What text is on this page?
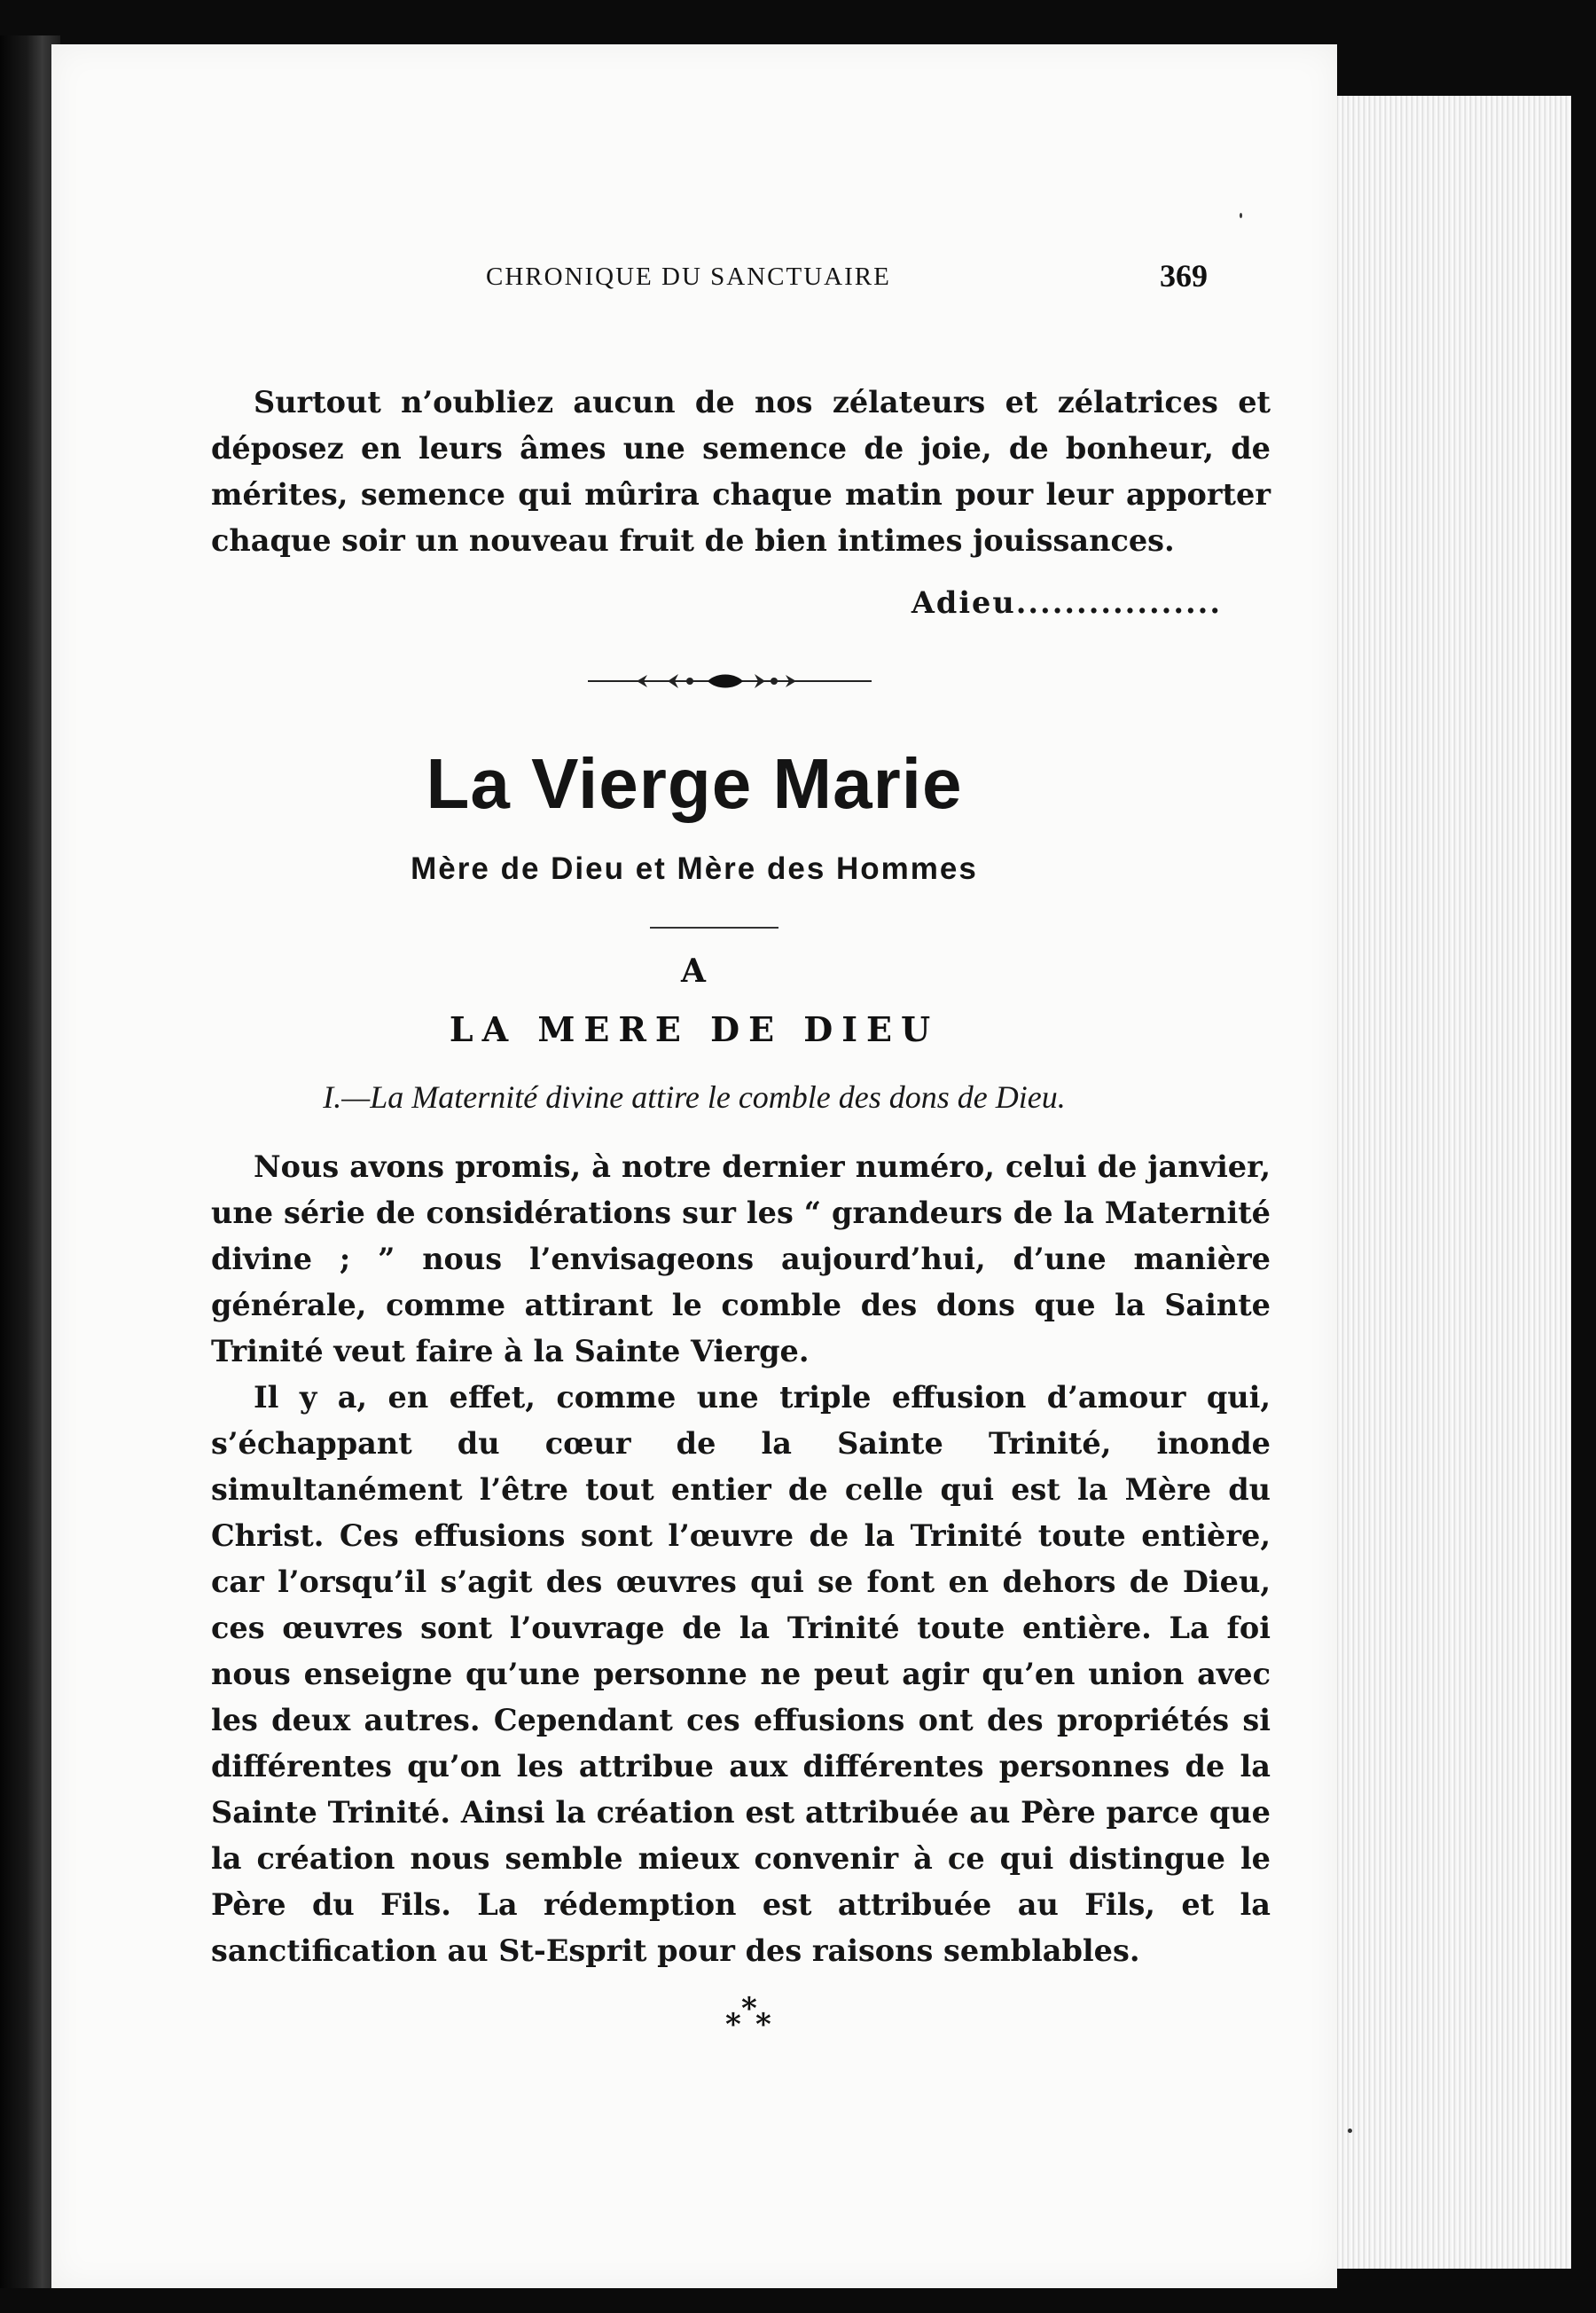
CHRONIQUE DU SANCTUAIRE	369

Surtout n’oubliez aucun de nos zélateurs et zélatrices et déposez en leurs âmes une semence de joie, de bonheur, de mérites, semence qui mûrira chaque matin pour leur apporter chaque soir un nouveau fruit de bien intimes jouissances.

Adieu.................
La Vierge Marie
Mère de Dieu et Mère des Hommes
A
LA MERE DE DIEU
I.—La Maternité divine attire le comble des dons de Dieu.

Nous avons promis, à notre dernier numéro, celui de janvier, une série de considérations sur les “ grandeurs de la Maternité divine ; ” nous l’envisageons aujourd’hui, d’une manière générale, comme attirant le comble des dons que la Sainte Trinité veut faire à la Sainte Vierge.

Il y a, en effet, comme une triple effusion d’amour qui, s’échappant du cœur de la Sainte Trinité, inonde simultanément l’être tout entier de celle qui est la Mère du Christ. Ces effusions sont l’œuvre de la Trinité toute entière, car l’orsqu’il s’agit des œuvres qui se font en dehors de Dieu, ces œuvres sont l’ouvrage de la Trinité toute entière. La foi nous enseigne qu’une personne ne peut agir qu’en union avec les deux autres. Cependant ces effusions ont des propriétés si différentes qu’on les attribue aux différentes personnes de la Sainte Trinité. Ainsi la création est attribuée au Père parce que la création nous semble mieux convenir à ce qui distingue le Père du Fils. La rédemption est attribuée au Fils, et la sanctification au St-Esprit pour des raisons semblables.

*
* *
